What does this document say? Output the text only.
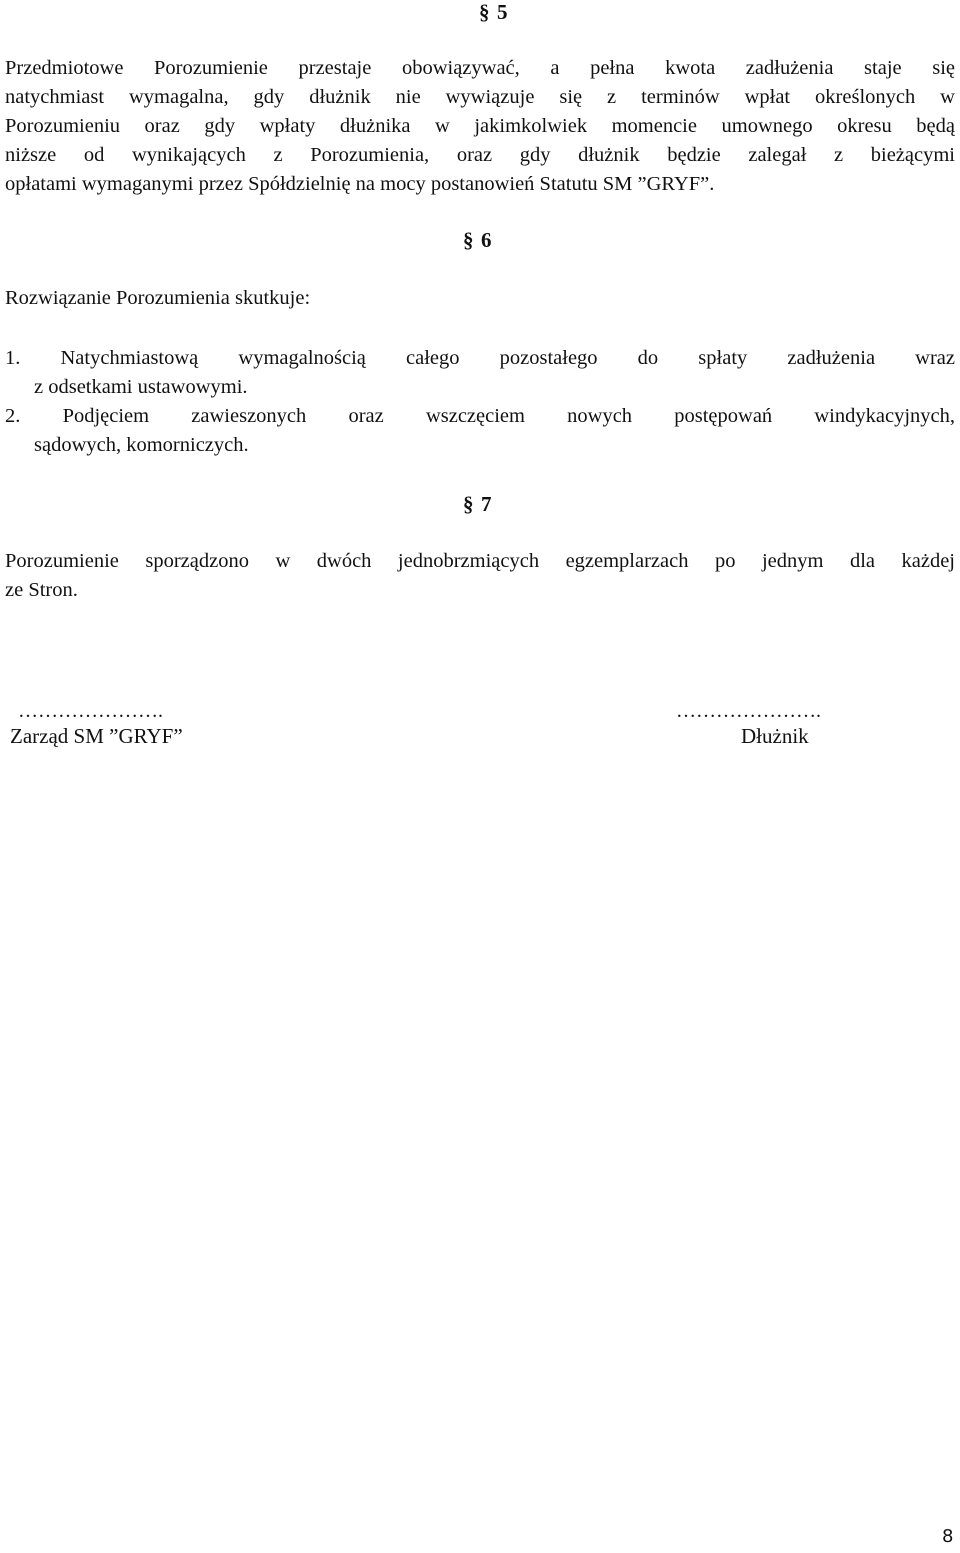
§ 5
Przedmiotowe Porozumienie przestaje obowiązywać, a pełna kwota zadłużenia staje się
natychmiast wymagalna, gdy dłużnik nie wywiązuje się z terminów wpłat określonych w
Porozumieniu oraz gdy wpłaty dłużnika w jakimkolwiek momencie umownego okresu będą
niższe od wynikających z Porozumienia, oraz gdy dłużnik będzie zalegał z bieżącymi
opłatami wymaganymi przez Spółdzielnię na mocy postanowień Statutu SM ”GRYF”.
§ 6
Rozwiązanie Porozumienia skutkuje:
1. Natychmiastową wymagalnością całego pozostałego do spłaty zadłużenia wraz
z odsetkami ustawowymi.
2. Podjęciem zawieszonych oraz wszczęciem nowych postępowań windykacyjnych,
sądowych, komorniczych.
§ 7
Porozumienie sporządzono w dwóch jednobrzmiących egzemplarzach po jednym dla każdej
ze Stron.
………………….
Zarząd SM ”GRYF”
………………….
Dłużnik
8
